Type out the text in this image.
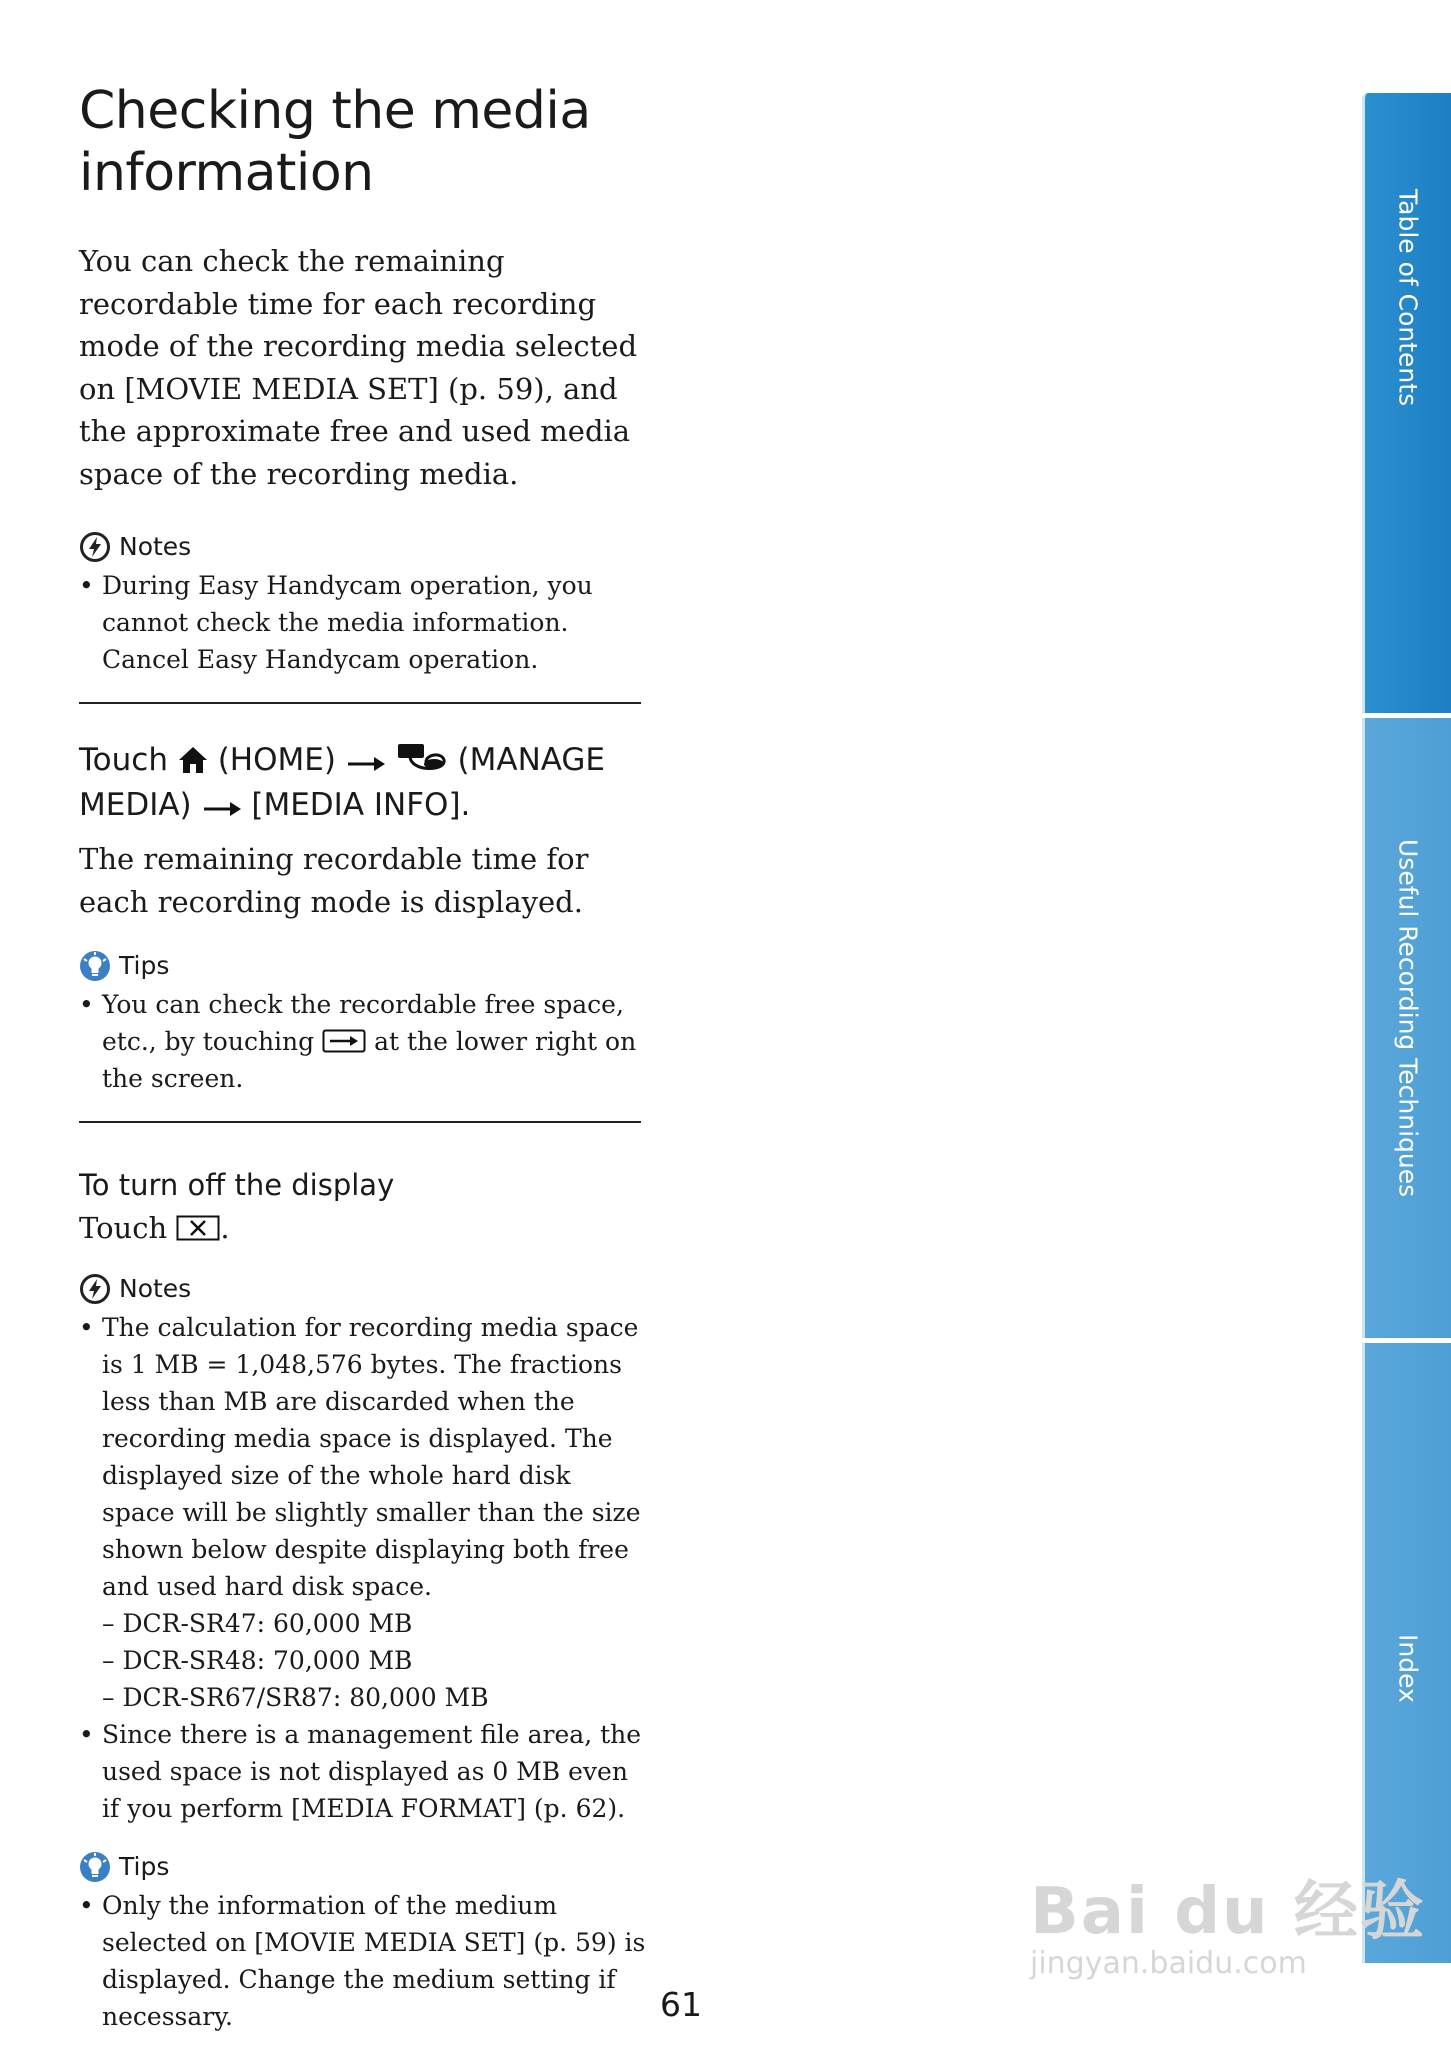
Checking the media
information

You can check the remaining recordable time for each recording mode of the recording media selected on [MOVIE MEDIA SET] (p. 59), and the approximate free and used media space of the recording media.

Notes
• During Easy Handycam operation, you cannot check the media information. Cancel Easy Handycam operation.
Touch (HOME)	(MANAGE MEDIA) [MEDIA INFO].

The remaining recordable time for each recording mode is displayed.

Tips
• You can check the recordable free space, etc., by touching at the lower right on the screen.
To turn off the display

Touch .

Notes
• The calculation for recording media space is 1 MB = 1,048,576 bytes. The fractions less than MB are discarded when the recording media space is displayed. The displayed size of the whole hard disk space will be slightly smaller than the size shown below despite displaying both free and used hard disk space.
– DCR-SR47: 60,000 MB
– DCR-SR48: 70,000 MB
– DCR-SR67/SR87: 80,000 MB
• Since there is a management file area, the used space is not displayed as 0 MB even if you perform [MEDIA FORMAT] (p. 62).
Tips
• Only the information of the medium selected on [MOVIE MEDIA SET] (p. 59) is displayed. Change the medium setting if necessary.
Table of Contents
Useful Recording Techniques
Index
61
Bai du 经验
jingyan.baidu.com
